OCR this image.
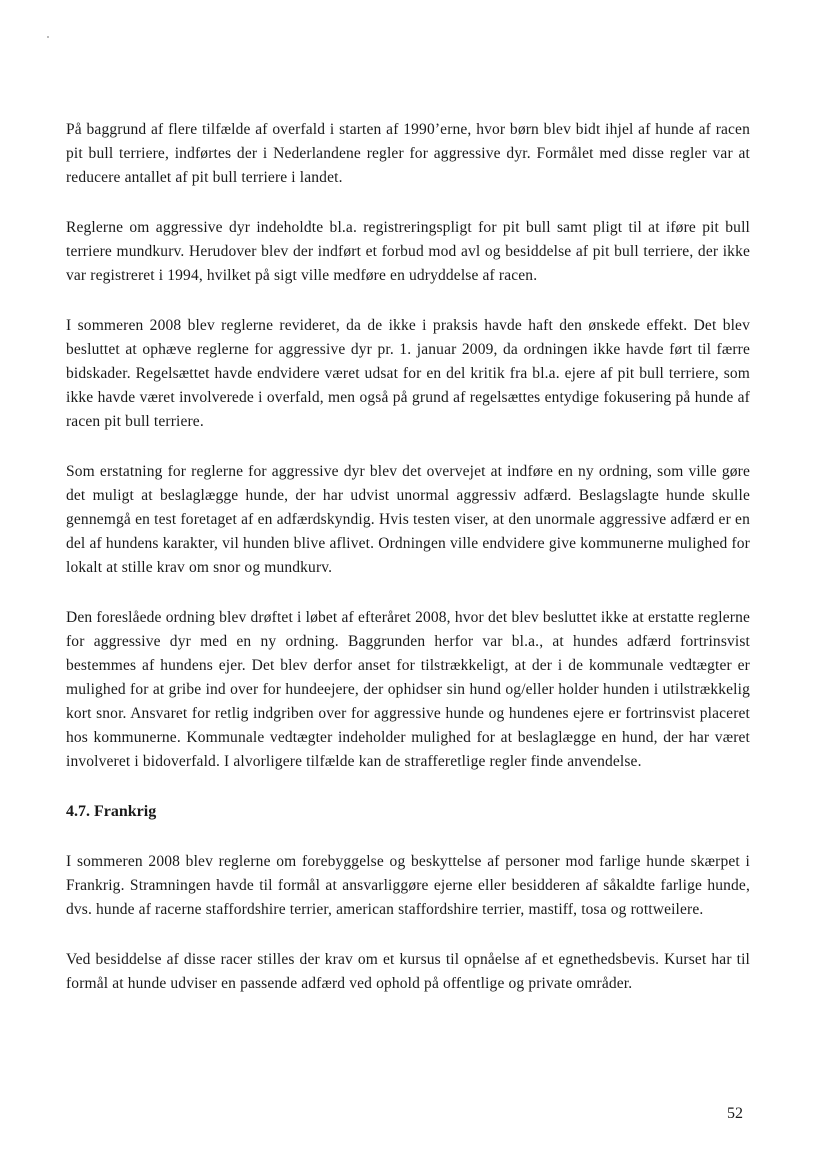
På baggrund af flere tilfælde af overfald i starten af 1990’erne, hvor børn blev bidt ihjel af hunde af racen pit bull terriere, indførtes der i Nederlandene regler for aggressive dyr. Formålet med disse regler var at reducere antallet af pit bull terriere i landet.

Reglerne om aggressive dyr indeholdte bl.a. registreringspligt for pit bull samt pligt til at iføre pit bull terriere mundkurv. Herudover blev der indført et forbud mod avl og besiddelse af pit bull terriere, der ikke var registreret i 1994, hvilket på sigt ville medføre en udryddelse af racen.

I sommeren 2008 blev reglerne revideret, da de ikke i praksis havde haft den ønskede effekt. Det blev besluttet at ophæve reglerne for aggressive dyr pr. 1. januar 2009, da ordningen ikke havde ført til færre bidskader. Regelsættet havde endvidere været udsat for en del kritik fra bl.a. ejere af pit bull terriere, som ikke havde været involverede i overfald, men også på grund af regelsættes entydige fokusering på hunde af racen pit bull terriere.

Som erstatning for reglerne for aggressive dyr blev det overvejet at indføre en ny ordning, som ville gøre det muligt at beslaglægge hunde, der har udvist unormal aggressiv adfærd. Beslagslagte hunde skulle gennemgå en test foretaget af en adfærdskyndig. Hvis testen viser, at den unormale aggressive adfærd er en del af hundens karakter, vil hunden blive aflivet. Ordningen ville endvidere give kommunerne mulighed for lokalt at stille krav om snor og mundkurv.

Den foreslåede ordning blev drøftet i løbet af efteråret 2008, hvor det blev besluttet ikke at erstatte reglerne for aggressive dyr med en ny ordning. Baggrunden herfor var bl.a., at hundes adfærd fortrinsvist bestemmes af hundens ejer. Det blev derfor anset for tilstrækkeligt, at der i de kommunale vedtægter er mulighed for at gribe ind over for hundeejere, der ophidser sin hund og/eller holder hunden i utilstrækkelig kort snor. Ansvaret for retlig indgriben over for aggressive hunde og hundenes ejere er fortrinsvist placeret hos kommunerne. Kommunale vedtægter indeholder mulighed for at beslaglægge en hund, der har været involveret i bidoverfald. I alvorligere tilfælde kan de strafferetlige regler finde anvendelse.

4.7. Frankrig

I sommeren 2008 blev reglerne om forebyggelse og beskyttelse af personer mod farlige hunde skærpet i Frankrig. Stramningen havde til formål at ansvarliggøre ejerne eller besidderen af såkaldte farlige hunde, dvs. hunde af racerne staffordshire terrier, american staffordshire terrier, mastiff, tosa og rottweilere.

Ved besiddelse af disse racer stilles der krav om et kursus til opnåelse af et egnethedsbevis. Kurset har til formål at hunde udviser en passende adfærd ved ophold på offentlige og private områder.

52
